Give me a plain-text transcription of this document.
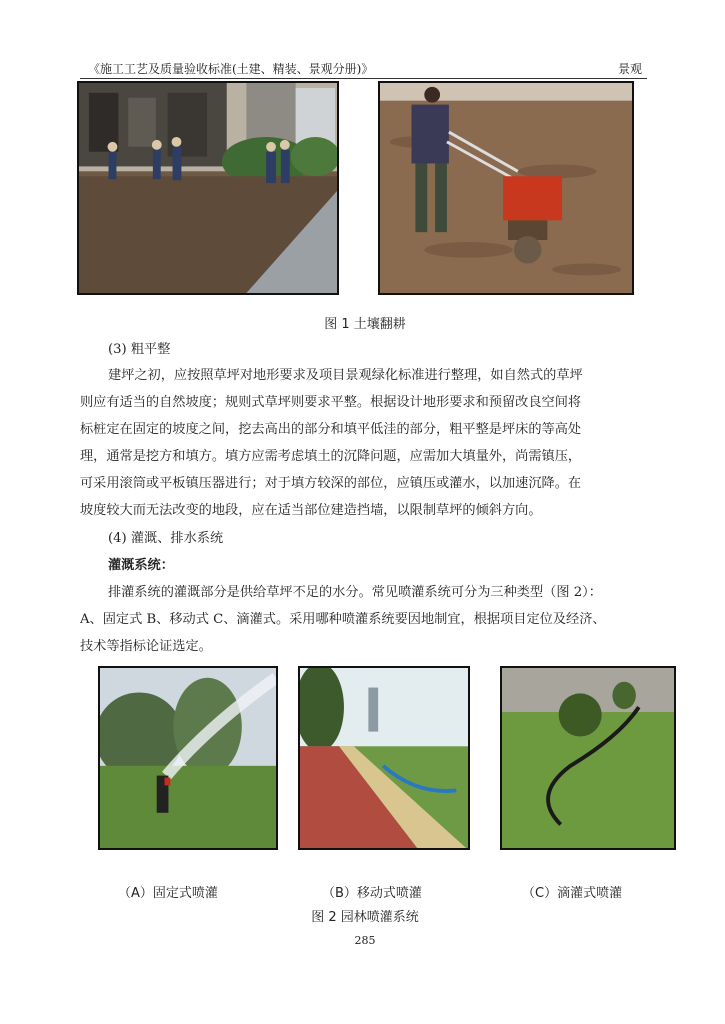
《施工工艺及质量验收标准(土建、精装、景观分册)》	景观
图 1 土壤翻耕
(3) 粗平整
建坪之初，应按照草坪对地形要求及项目景观绿化标准进行整理，如自然式的草坪
则应有适当的自然坡度；规则式草坪则要求平整。根据设计地形要求和预留改良空间将
标桩定在固定的坡度之间，挖去高出的部分和填平低洼的部分，粗平整是坪床的等高处
理，通常是挖方和填方。填方应需考虑填土的沉降问题，应需加大填量外，尚需镇压，
可采用滚筒或平板镇压器进行；对于填方较深的部位，应镇压或灌水，以加速沉降。在
坡度较大而无法改变的地段，应在适当部位建造挡墙，以限制草坪的倾斜方向。
(4) 灌溉、排水系统
灌溉系统：
排灌系统的灌溉部分是供给草坪不足的水分。常见喷灌系统可分为三种类型（图 2）：
A、固定式 B、移动式 C、滴灌式。采用哪种喷灌系统要因地制宜，根据项目定位及经济、
技术等指标论证选定。
（A）固定式喷灌	（B）移动式喷灌	（C）滴灌式喷灌
图 2 园林喷灌系统
285
